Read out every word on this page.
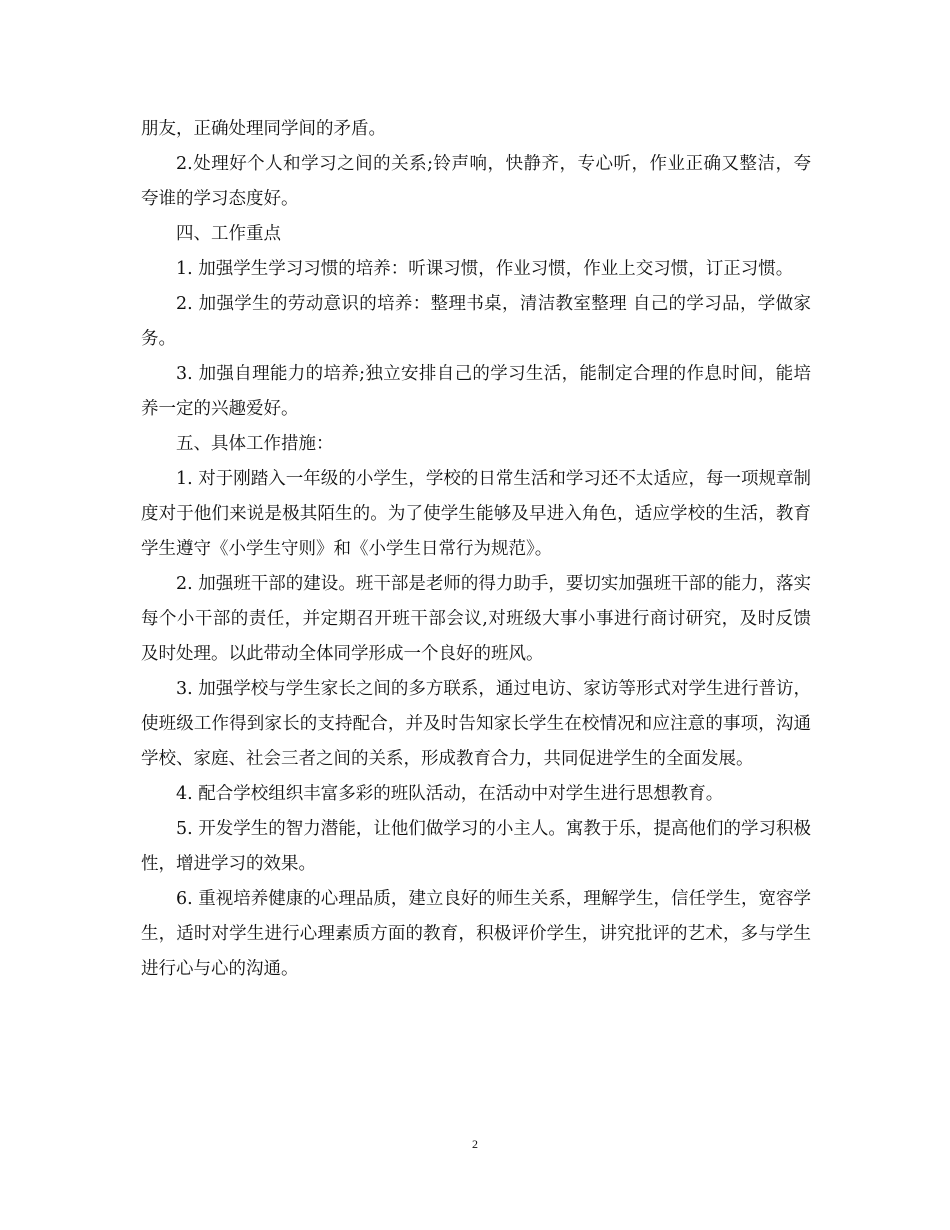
朋友，正确处理同学间的矛盾。

2.处理好个人和学习之间的关系;铃声响，快静齐，专心听，作业正确又整洁，夸夸谁的学习态度好。

四、工作重点

1. 加强学生学习习惯的培养：听课习惯，作业习惯，作业上交习惯，订正习惯。

2. 加强学生的劳动意识的培养：整理书桌，清洁教室整理 自己的学习品，学做家务。

3. 加强自理能力的培养;独立安排自己的学习生活，能制定合理的作息时间，能培养一定的兴趣爱好。

五、具体工作措施：

1. 对于刚踏入一年级的小学生，学校的日常生活和学习还不太适应，每一项规章制度对于他们来说是极其陌生的。为了使学生能够及早进入角色，适应学校的生活，教育学生遵守《小学生守则》和《小学生日常行为规范》。

2. 加强班干部的建设。班干部是老师的得力助手，要切实加强班干部的能力，落实每个小干部的责任，并定期召开班干部会议,对班级大事小事进行商讨研究，及时反馈及时处理。以此带动全体同学形成一个良好的班风。

3. 加强学校与学生家长之间的多方联系，通过电访、家访等形式对学生进行普访，使班级工作得到家长的支持配合，并及时告知家长学生在校情况和应注意的事项，沟通学校、家庭、社会三者之间的关系，形成教育合力，共同促进学生的全面发展。

4. 配合学校组织丰富多彩的班队活动，在活动中对学生进行思想教育。

5. 开发学生的智力潜能，让他们做学习的小主人。寓教于乐，提高他们的学习积极性，增进学习的效果。

6. 重视培养健康的心理品质，建立良好的师生关系，理解学生，信任学生，宽容学生，适时对学生进行心理素质方面的教育，积极评价学生，讲究批评的艺术，多与学生进行心与心的沟通。

2
